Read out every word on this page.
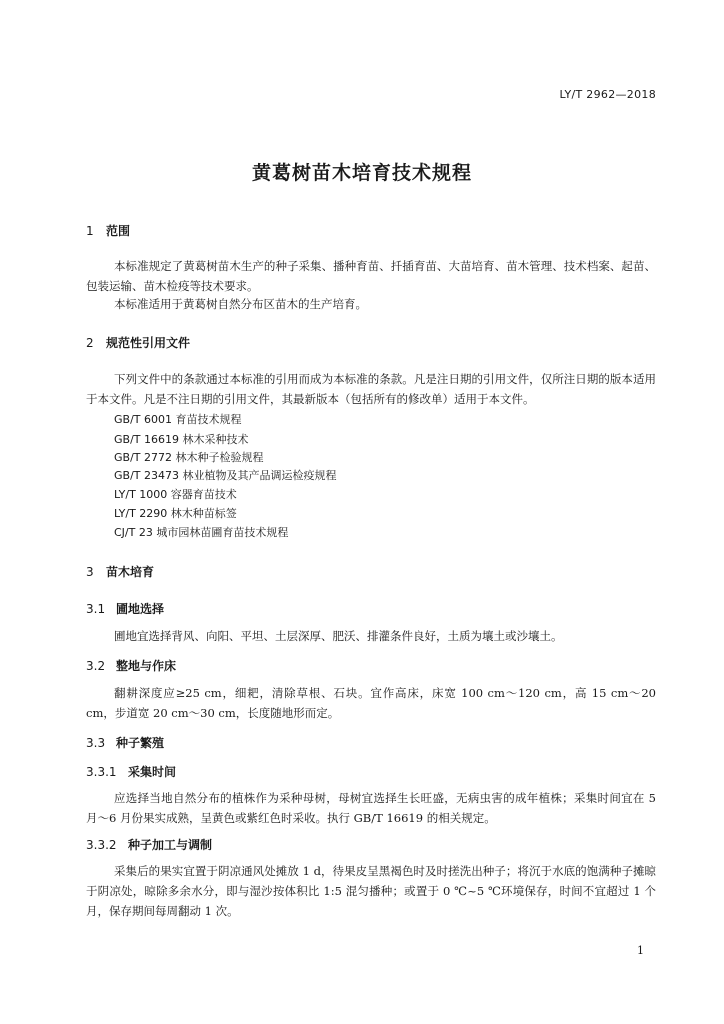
LY/T 2962—2018
黄葛树苗木培育技术规程
1 范围

本标准规定了黄葛树苗木生产的种子采集、播种育苗、扦插育苗、大苗培育、苗木管理、技术档案、起苗、包装运输、苗木检疫等技术要求。

本标准适用于黄葛树自然分布区苗木的生产培育。

2 规范性引用文件

下列文件中的条款通过本标准的引用而成为本标准的条款。凡是注日期的引用文件，仅所注日期的版本适用于本文件。凡是不注日期的引用文件，其最新版本（包括所有的修改单）适用于本文件。

GB/T 6001 育苗技术规程
GB/T 16619 林木采种技术
GB/T 2772 林木种子检验规程
GB/T 23473 林业植物及其产品调运检疫规程
LY/T 1000 容器育苗技术
LY/T 2290 林木种苗标签
CJ/T 23 城市园林苗圃育苗技术规程
3 苗木培育
3.1 圃地选择

圃地宜选择背风、向阳、平坦、土层深厚、肥沃、排灌条件良好，土质为壤土或沙壤土。

3.2 整地与作床

翻耕深度应≥25 cm，细耙，清除草根、石块。宜作高床，床宽 100 cm～120 cm，高 15 cm～20 cm，步道宽 20 cm～30 cm，长度随地形而定。

3.3 种子繁殖
3.3.1 采集时间

应选择当地自然分布的植株作为采种母树，母树宜选择生长旺盛，无病虫害的成年植株；采集时间宜在 5 月～6 月份果实成熟，呈黄色或紫红色时采收。执行 GB/T 16619 的相关规定。

3.3.2 种子加工与调制

采集后的果实宜置于阴凉通风处摊放 1 d，待果皮呈黑褐色时及时搓洗出种子；将沉于水底的饱满种子摊晾于阴凉处，晾除多余水分，即与湿沙按体积比 1:5 混匀播种；或置于 0 ℃~5 ℃环境保存，时间不宜超过 1 个月，保存期间每周翻动 1 次。

1
